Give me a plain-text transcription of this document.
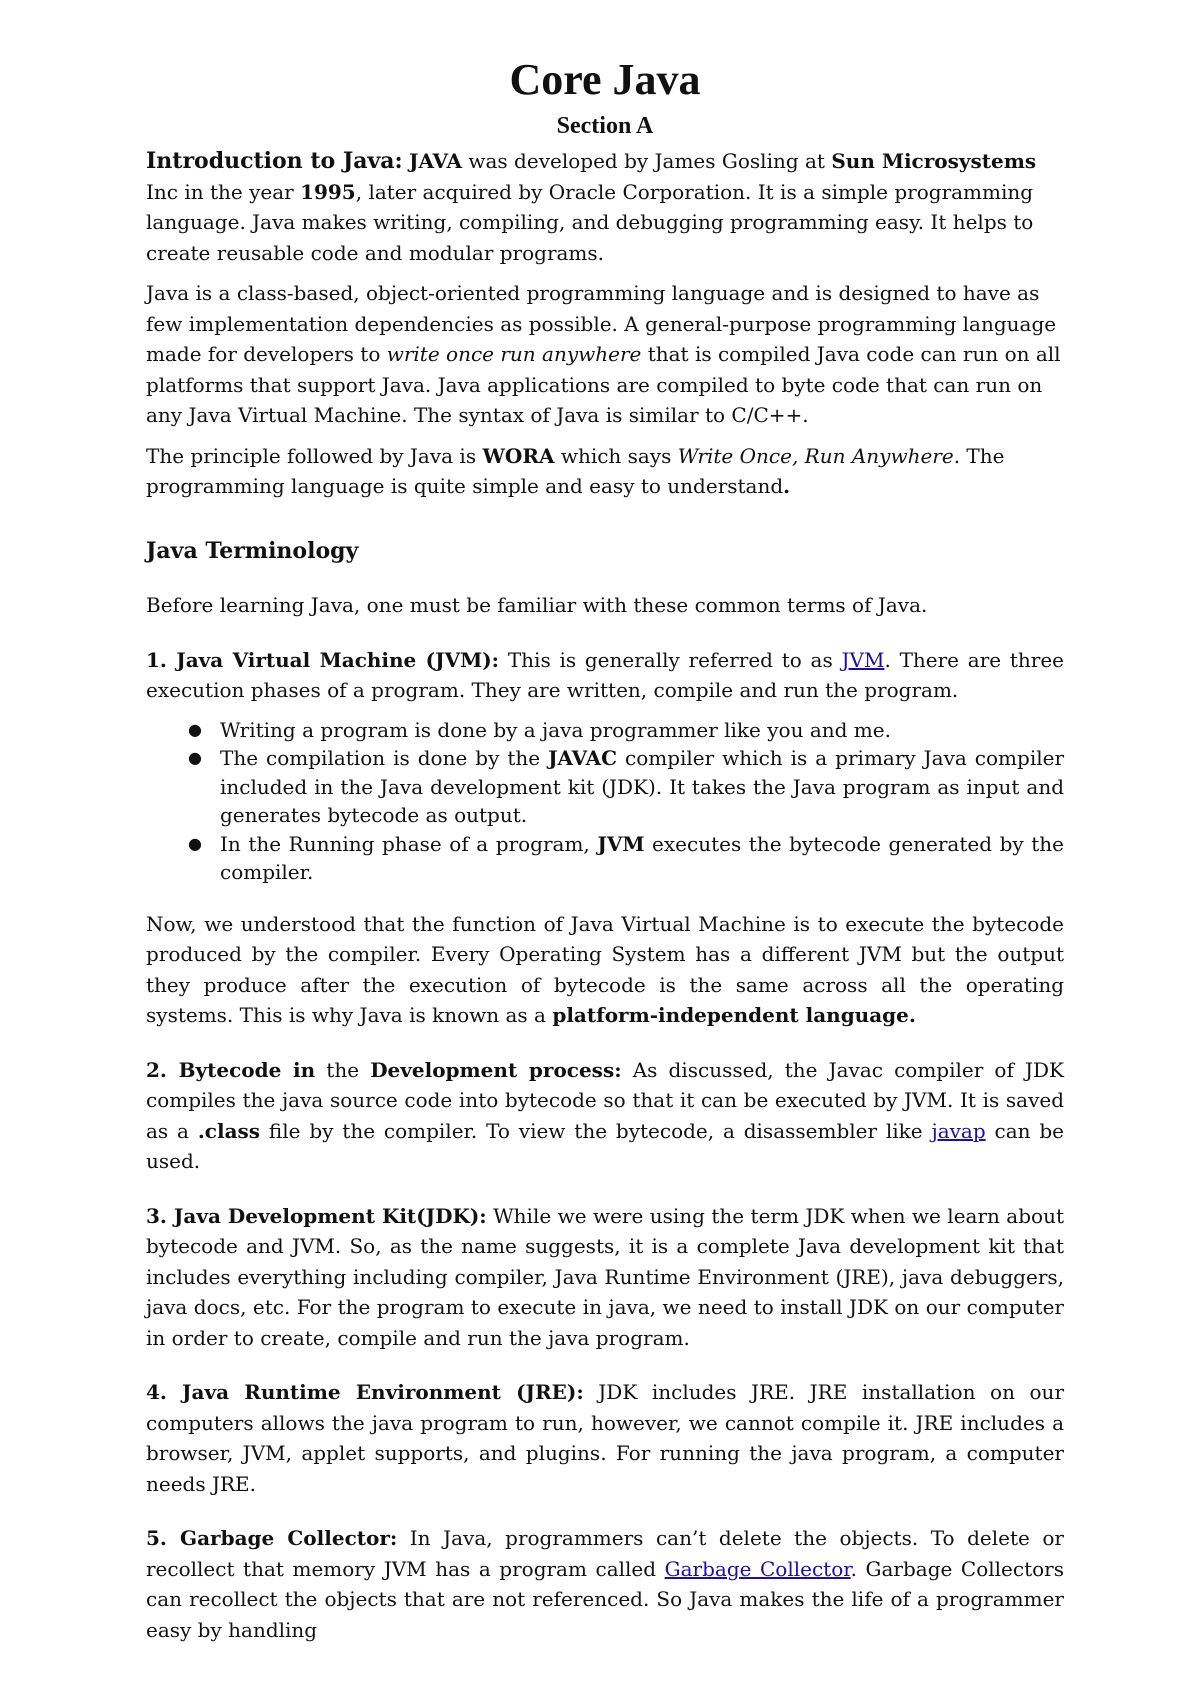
Core Java
Section A

Introduction to Java: JAVA was developed by James Gosling at Sun Microsystems Inc in the year 1995, later acquired by Oracle Corporation. It is a simple programming language. Java makes writing, compiling, and debugging programming easy. It helps to create reusable code and modular programs.

Java is a class-based, object-oriented programming language and is designed to have as few implementation dependencies as possible. A general-purpose programming language made for developers to write once run anywhere that is compiled Java code can run on all platforms that support Java. Java applications are compiled to byte code that can run on any Java Virtual Machine. The syntax of Java is similar to C/C++.

The principle followed by Java is WORA which says Write Once, Run Anywhere. The programming language is quite simple and easy to understand.

Java Terminology

Before learning Java, one must be familiar with these common terms of Java.

1. Java Virtual Machine (JVM): This is generally referred to as JVM. There are three execution phases of a program. They are written, compile and run the program.

● Writing a program is done by a java programmer like you and me.
● The compilation is done by the JAVAC compiler which is a primary Java compiler included in the Java development kit (JDK). It takes the Java program as input and generates bytecode as output.
● In the Running phase of a program, JVM executes the bytecode generated by the compiler.

Now, we understood that the function of Java Virtual Machine is to execute the bytecode produced by the compiler. Every Operating System has a different JVM but the output they produce after the execution of bytecode is the same across all the operating systems. This is why Java is known as a platform-independent language.

2. Bytecode in the Development process: As discussed, the Javac compiler of JDK compiles the java source code into bytecode so that it can be executed by JVM. It is saved as a .class file by the compiler. To view the bytecode, a disassembler like javap can be used.

3. Java Development Kit(JDK): While we were using the term JDK when we learn about bytecode and JVM. So, as the name suggests, it is a complete Java development kit that includes everything including compiler, Java Runtime Environment (JRE), java debuggers, java docs, etc. For the program to execute in java, we need to install JDK on our computer in order to create, compile and run the java program.

4. Java Runtime Environment (JRE): JDK includes JRE. JRE installation on our computers allows the java program to run, however, we cannot compile it. JRE includes a browser, JVM, applet supports, and plugins. For running the java program, a computer needs JRE.

5. Garbage Collector: In Java, programmers can’t delete the objects. To delete or recollect that memory JVM has a program called Garbage Collector. Garbage Collectors can recollect the objects that are not referenced. So Java makes the life of a programmer easy by handling
